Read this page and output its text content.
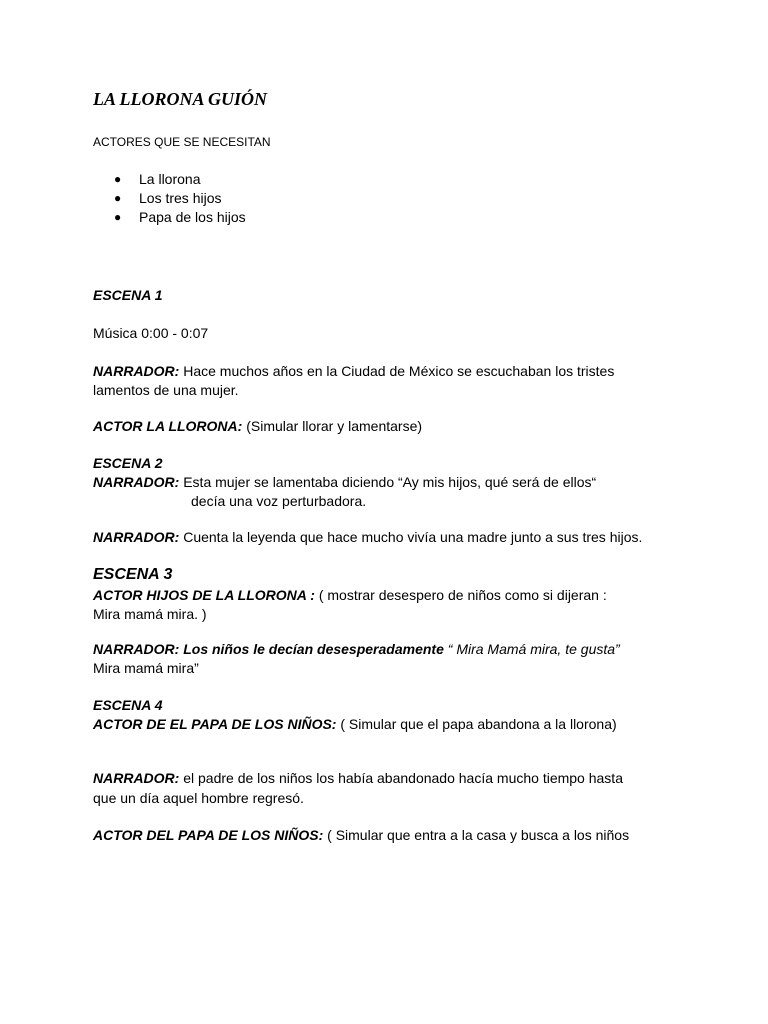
LA LLORONA GUIÓN
ACTORES QUE SE NECESITAN
● La llorona
● Los tres hijos
● Papa de los hijos
ESCENA 1
Música 0:00 - 0:07
NARRADOR: Hace muchos años en la Ciudad de México se escuchaban los tristes
lamentos de una mujer.
ACTOR LA LLORONA: (Simular llorar y lamentarse)
ESCENA 2
NARRADOR: Esta mujer se lamentaba diciendo “Ay mis hijos, qué será de ellos“
decía una voz perturbadora.
NARRADOR: Cuenta la leyenda que hace mucho vivía una madre junto a sus tres hijos.
ESCENA 3
ACTOR HIJOS DE LA LLORONA : ( mostrar desespero de niños como si dijeran :
Mira mamá mira. )
NARRADOR: Los niños le decían desesperadamente “ Mira Mamá mira, te gusta”
Mira mamá mira”
ESCENA 4
ACTOR DE EL PAPA DE LOS NIÑOS: ( Simular que el papa abandona a la llorona)
NARRADOR: el padre de los niños los había abandonado hacía mucho tiempo hasta
que un día aquel hombre regresó.
ACTOR DEL PAPA DE LOS NIÑOS: ( Simular que entra a la casa y busca a los niños
